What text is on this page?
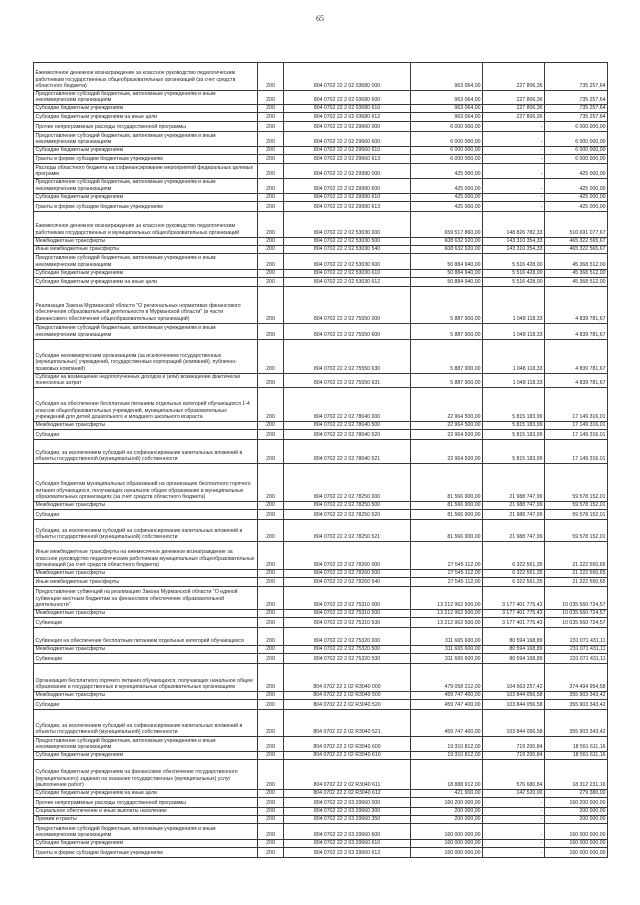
65
Ежемесячное денежное вознаграждение за классное руководство педагогическим работникам государственных общеобразовательных организаций (за счет средств областного бюджета)	200	804 0702 22 2 02 03680 000	963 064,00	227 806,36	735 257,64
Предоставление субсидий бюджетным, автономным учреждениям и иным некоммерческим организациям	200	804 0702 22 2 02 03680 600	963 064,00	227 806,36	735 257,64
Субсидии бюджетным учреждениям	200	804 0702 22 2 02 03680 610	963 064,00	227 806,36	735 257,64
Субсидии бюджетным учреждениям на иные цели	200	804 0702 22 2 02 03680 612	963 064,00	227 806,36	735 257,64
Прочие непрограммные расходы государственной программы	200	804 0702 22 2 02 29660 000	6 000 000,00	-	6 000 000,00
Предоставление субсидий бюджетным, автономным учреждениям и иным некоммерческим организациям	200	804 0702 22 2 02 29660 600	6 000 000,00	-	6 000 000,00
Субсидии бюджетным учреждениям	200	804 0702 22 2 02 29660 610	6 000 000,00	-	6 000 000,00
Гранты в форме субсидии бюджетным учреждениям	200	804 0702 22 2 02 29660 613	6 000 000,00	-	6 000 000,00
Расходы областного бюджета на софинансирование мероприятий федеральных целевых программ	200	804 0702 22 2 02 29990 000	425 000,00	-	425 000,00
Предоставление субсидий бюджетным, автономным учреждениям и иным некоммерческим организациям	200	804 0702 22 2 02 29990 600	425 000,00	-	425 000,00
Субсидии бюджетным учреждениям	200	804 0702 22 2 02 29990 610	425 000,00	-	425 000,00
Гранты в форме субсидии бюджетным учреждениям	200	804 0702 22 2 02 29990 613	425 000,00	-	425 000,00
Ежемесячное денежное вознаграждение за классное руководство педагогическим работникам государственных и муниципальных общеобразовательных организаций	200	804 0702 22 2 02 53030 000	659 517 860,00	148 826 782,33	510 691 077,67
Межбюджетные трансферты	200	804 0702 22 2 02 53030 500	608 632 920,00	143 310 354,33	465 322 565,67
Иные межбюджетные трансферты	200	804 0702 22 2 02 53030 540	608 632 920,00	143 310 354,33	465 322 565,67
Предоставление субсидий бюджетным, автономным учреждениям и иным некоммерческим организациям	200	804 0702 22 2 02 53030 600	50 884 940,00	5 516 428,00	45 368 512,00
Субсидии бюджетным учреждениям	200	804 0702 22 2 02 53030 610	50 884 940,00	5 516 428,00	45 368 512,00
Субсидии бюджетным учреждениям на иные цели	200	804 0702 22 2 02 53030 612	50 884 940,00	5 516 428,00	45 368 512,00
Реализация Закона Мурманской области "О региональных нормативах финансового обеспечения образовательной деятельности в Мурманской области" (в части финансового обеспечения общеобразовательных организаций)	200	804 0702 22 2 02 75550 000	5 887 900,00	1 048 118,33	4 839 781,67
Предоставление субсидий бюджетным, автономным учреждениям и иным некоммерческим организациям	200	804 0702 22 2 02 75550 600	5 887 900,00	1 048 118,33	4 839 781,67
Субсидии некоммерческим организациям (за исключением государственных (муниципальных) учреждений, государственных корпораций (компаний), публично-правовых компаний)	200	804 0702 22 2 02 75550 630	5 887 900,00	1 048 118,33	4 839 781,67
Субсидии на возмещение недополученных доходов и (или) возмещение фактически понесенных затрат	200	804 0702 22 2 02 75550 631	5 887 900,00	1 048 118,33	4 839 781,67
Субсидия на обеспечение бесплатным питанием отдельных категорий обучающихся 1-4 классов общеобразовательных учреждений, муниципальных образовательных учреждений для детей дошкольного и младшего школьного возраста	200	804 0702 22 2 02 78040 000	22 964 500,00	5 815 183,99	17 149 316,01
Межбюджетные трансферты	200	804 0702 22 2 02 78040 500	22 964 500,00	5 815 183,99	17 149 316,01
Субсидии	200	804 0702 22 2 02 78040 520	22 964 500,00	5 815 183,99	17 149 316,01
Субсидии, за исключением субсидий на софинансирование капитальных вложений в объекты государственной (муниципальной) собственности	200	804 0702 22 2 02 78040 521	22 964 500,00	5 815 183,99	17 149 316,01
Субсидия бюджетам муниципальных образований на организацию бесплатного горячего питания обучающихся, получающих начальное общее образование в муниципальных образовательных организациях (за счет средств областного бюджета)	200	804 0702 22 2 02 78250 000	81 566 900,00	21 988 747,99	59 578 152,01
Межбюджетные трансферты	200	804 0702 22 2 02 78250 500	81 566 900,00	21 988 747,99	59 578 152,01
Субсидии	200	804 0702 22 2 02 78250 520	81 566 900,00	21 988 747,99	59 578 152,01
Субсидии, за исключением субсидий на софинансирование капитальных вложений в объекты государственной (муниципальной) собственности	200	804 0702 22 2 02 78250 521	81 566 900,00	21 988 747,99	59 578 152,01
Иные межбюджетные трансферты на ежемесячное денежное вознаграждение за классное руководство педагогическим работникам муниципальных общеобразовательных организаций (за счет средств областного бюджета)	200	804 0702 22 2 02 78260 000	27 545 112,00	6 322 561,35	21 222 550,65
Межбюджетные трансферты	200	804 0702 22 2 02 78260 500	27 545 112,00	6 322 561,35	21 222 550,65
Иные межбюджетные трансферты	200	804 0702 22 2 02 78260 540	27 545 112,00	6 322 561,35	21 222 550,65
Предоставление субвенций на реализацию Закона Мурманской области "О единой субвенции местным бюджетам на финансовое обеспечение образовательной деятельности"	200	804 0702 22 2 02 75310 000	13 212 962 500,00	3 177 401 775,43	10 035 560 724,57
Межбюджетные трансферты	200	804 0702 22 2 02 75310 500	13 212 962 500,00	3 177 401 775,43	10 035 560 724,57
Субвенции	200	804 0702 22 2 02 75310 530	13 212 962 500,00	3 177 401 775,43	10 035 560 724,57
Субвенция на обеспечение бесплатным питанием отдельных категорий обучающихся	200	804 0702 22 2 02 75320 000	311 665 600,00	80 594 168,89	231 071 431,11
Межбюджетные трансферты	200	804 0702 22 2 02 75320 500	311 665 600,00	80 594 168,89	231 071 431,11
Субвенции	200	804 0702 22 2 02 75320 530	311 665 600,00	80 594 168,89	231 071 431,11
Организация бесплатного горячего питания обучающихся, получающих начальное общее образование в государственных и муниципальных образовательных организациях	200	804 0702 22 2 02 R3040 000	479 058 212,00	104 563 257,42	374 494 954,58
Межбюджетные трансферты	200	804 0702 22 2 02 R3040 500	459 747 400,00	103 844 056,58	355 903 343,42
Субсидии	200	804 0702 22 2 02 R3040 520	459 747 400,00	103 844 056,58	355 903 343,42
Субсидии, за исключением субсидий на софинансирование капитальных вложений в объекты государственной (муниципальной) собственности	200	804 0702 22 2 02 R3040 521	459 747 400,00	103 844 056,58	355 903 343,42
Предоставление субсидий бюджетным, автономным учреждениям и иным некоммерческим организациям	200	804 0702 22 2 02 R3040 600	19 310 812,00	719 200,84	18 591 611,16
Субсидии бюджетным учреждениям	200	804 0702 22 2 02 R3040 610	19 310 812,00	719 200,84	18 591 611,16
Субсидии бюджетным учреждениям на финансовое обеспечение государственного (муниципального) задания на оказание государственных (муниципальных) услуг (выполнение работ)	200	804 0702 22 2 02 R3040 611	18 888 912,00	576 680,84	18 312 231,16
Субсидии бюджетным учреждениям на иные цели	200	804 0702 22 2 02 R3040 612	421 900,00	142 520,00	279 380,00
Прочие непрограммные расходы государственной программы	200	804 0702 22 2 03 29660 000	160 200 000,00	-	160 200 000,00
Социальное обеспечение и иные выплаты населению	200	804 0702 22 2 03 29660 300	200 000,00	-	200 000,00
Премии и гранты	200	804 0702 22 2 03 29660 350	200 000,00	-	200 000,00
Предоставление субсидий бюджетным, автономным учреждениям и иным некоммерческим организациям	200	804 0702 22 2 03 29660 600	160 000 000,00	-	160 000 000,00
Субсидии бюджетным учреждениям	200	804 0702 22 2 03 29660 610	160 000 000,00	-	160 000 000,00
Гранты в форме субсидии бюджетным учреждениям	200	804 0702 22 2 03 29660 613	160 000 000,00	-	160 000 000,00
